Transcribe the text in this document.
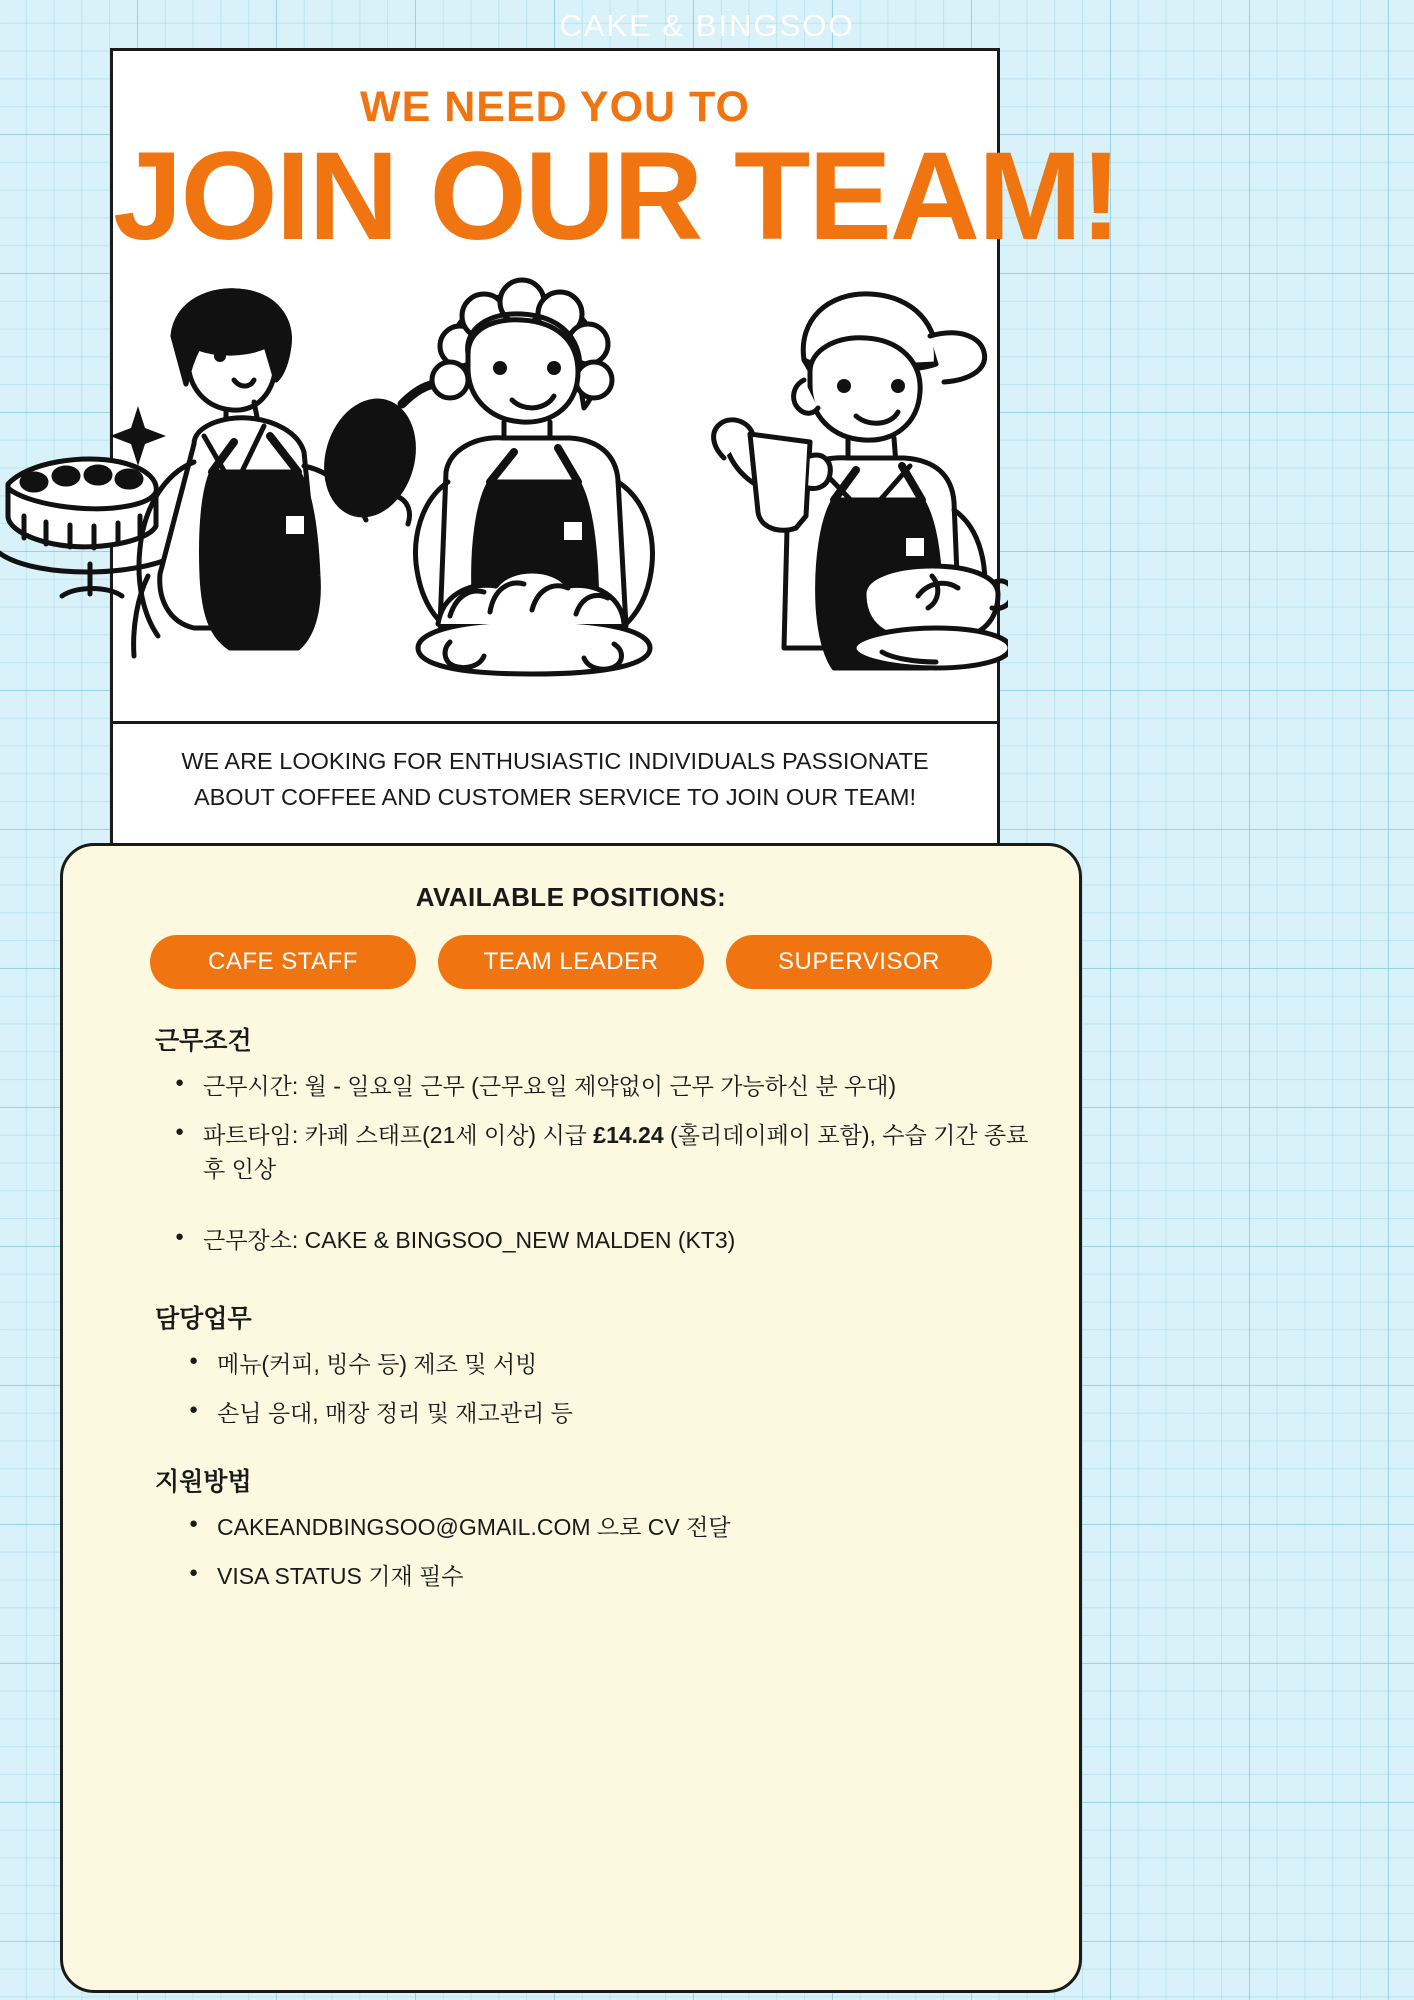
CAKE & BINGSOO
WE NEED YOU TO
JOIN OUR TEAM!
WE ARE LOOKING FOR ENTHUSIASTIC INDIVIDUALS PASSIONATE ABOUT COFFEE AND CUSTOMER SERVICE TO JOIN OUR TEAM!
AVAILABLE POSITIONS:
CAFE STAFF	TEAM LEADER	SUPERVISOR
근무조건
● 근무시간: 월 - 일요일 근무 (근무요일 제약없이 근무 가능하신 분 우대)
● 파트타임: 카페 스태프(21세 이상) 시급 £14.24 (홀리데이페이 포함), 수습 기간 종료 후 인상
● 근무장소: CAKE & BINGSOO_NEW MALDEN (KT3)
담당업무
● 메뉴(커피, 빙수 등) 제조 및 서빙
● 손님 응대, 매장 정리 및 재고관리 등
지원방법
● CAKEANDBINGSOO@GMAIL.COM 으로 CV 전달
● VISA STATUS 기재 필수
